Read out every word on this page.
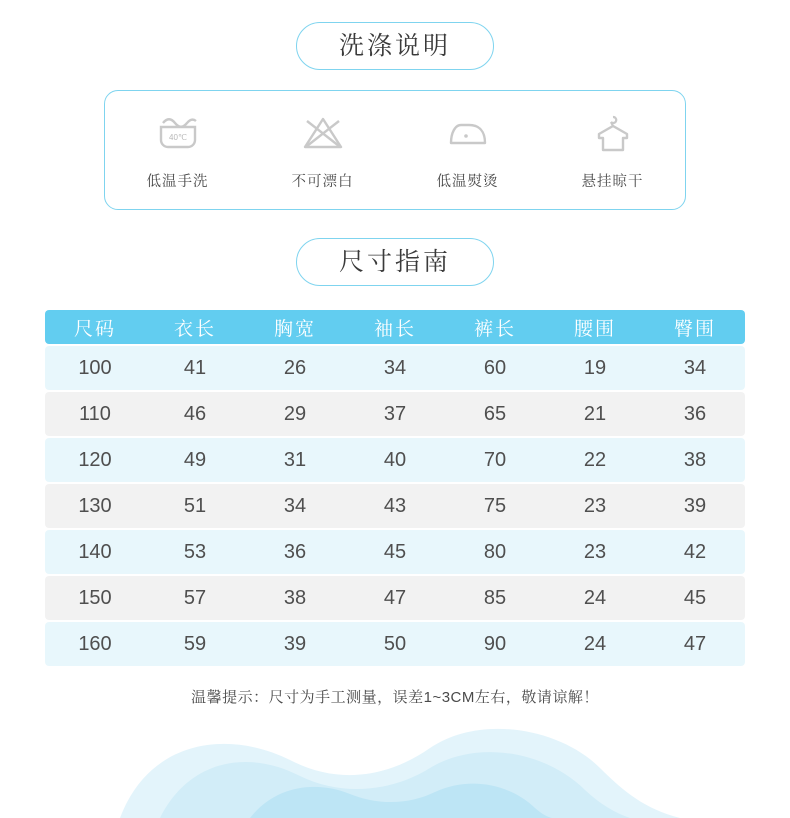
洗涤说明
40℃
低温手洗	不可漂白	低温熨烫	悬挂晾干
尺寸指南
尺码	衣长	胸宽	袖长	裤长	腰围	臀围
100	41	26	34	60	19	34
110	46	29	37	65	21	36
120	49	31	40	70	22	38
130	51	34	43	75	23	39
140	53	36	45	80	23	42
150	57	38	47	85	24	45
160	59	39	50	90	24	47
温馨提示：尺寸为手工测量，误差1~3CM左右，敬请谅解！
